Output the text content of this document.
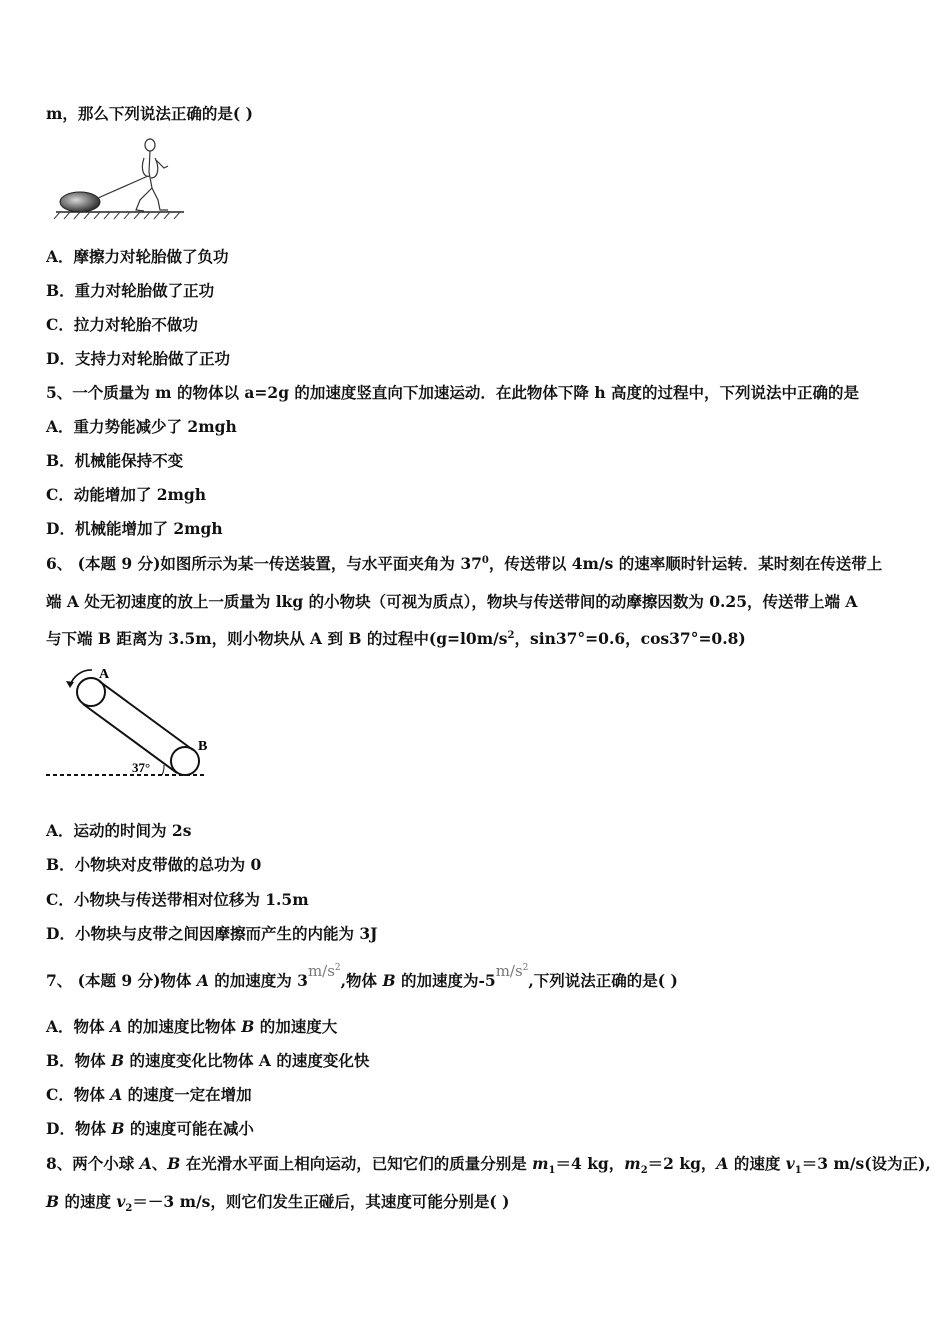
m，那么下列说法正确的是( )
A．摩擦力对轮胎做了负功
B．重力对轮胎做了正功
C．拉力对轮胎不做功
D．支持力对轮胎做了正功
5、一个质量为 m 的物体以 a=2g 的加速度竖直向下加速运动．在此物体下降 h 高度的过程中，下列说法中正确的是
A．重力势能减少了 2mgh
B．机械能保持不变
C．动能增加了 2mgh
D．机械能增加了 2mgh
6、 (本题 9 分)如图所示为某一传送装置，与水平面夹角为 $37^0$，传送带以 4m/s 的速率顺时针运转．某时刻在传送带上
端 A 处无初速度的放上一质量为 lkg 的小物块（可视为质点），物块与传送带间的动摩擦因数为 0.25，传送带上端 A
与下端 B 距离为 3.5m，则小物块从 A 到 B 的过程中($g=l0m/s^2$，sin37°=0.6，cos37°=0.8)
A
B
37°
A．运动的时间为 2s
B．小物块对皮带做的总功为 0
C．小物块与传送带相对位移为 1.5m
D．小物块与皮带之间因摩擦而产生的内能为 3J
7、 (本题 9 分)物体 A 的加速度为 $3m/s^2$,物体 B 的加速度为$-5m/s^2$,下列说法正确的是( )
A．物体 A 的加速度比物体 B 的加速度大
B．物体 B 的速度变化比物体 A 的速度变化快
C．物体 A 的速度一定在增加
D．物体 B 的速度可能在减小
8、两个小球 A、B 在光滑水平面上相向运动，已知它们的质量分别是 $m_1=4$ kg，$m_2=2$ kg，A 的速度 $v_1=3$ m/s(设为正),
B 的速度 $v_2=-3$ m/s，则它们发生正碰后，其速度可能分别是( )
